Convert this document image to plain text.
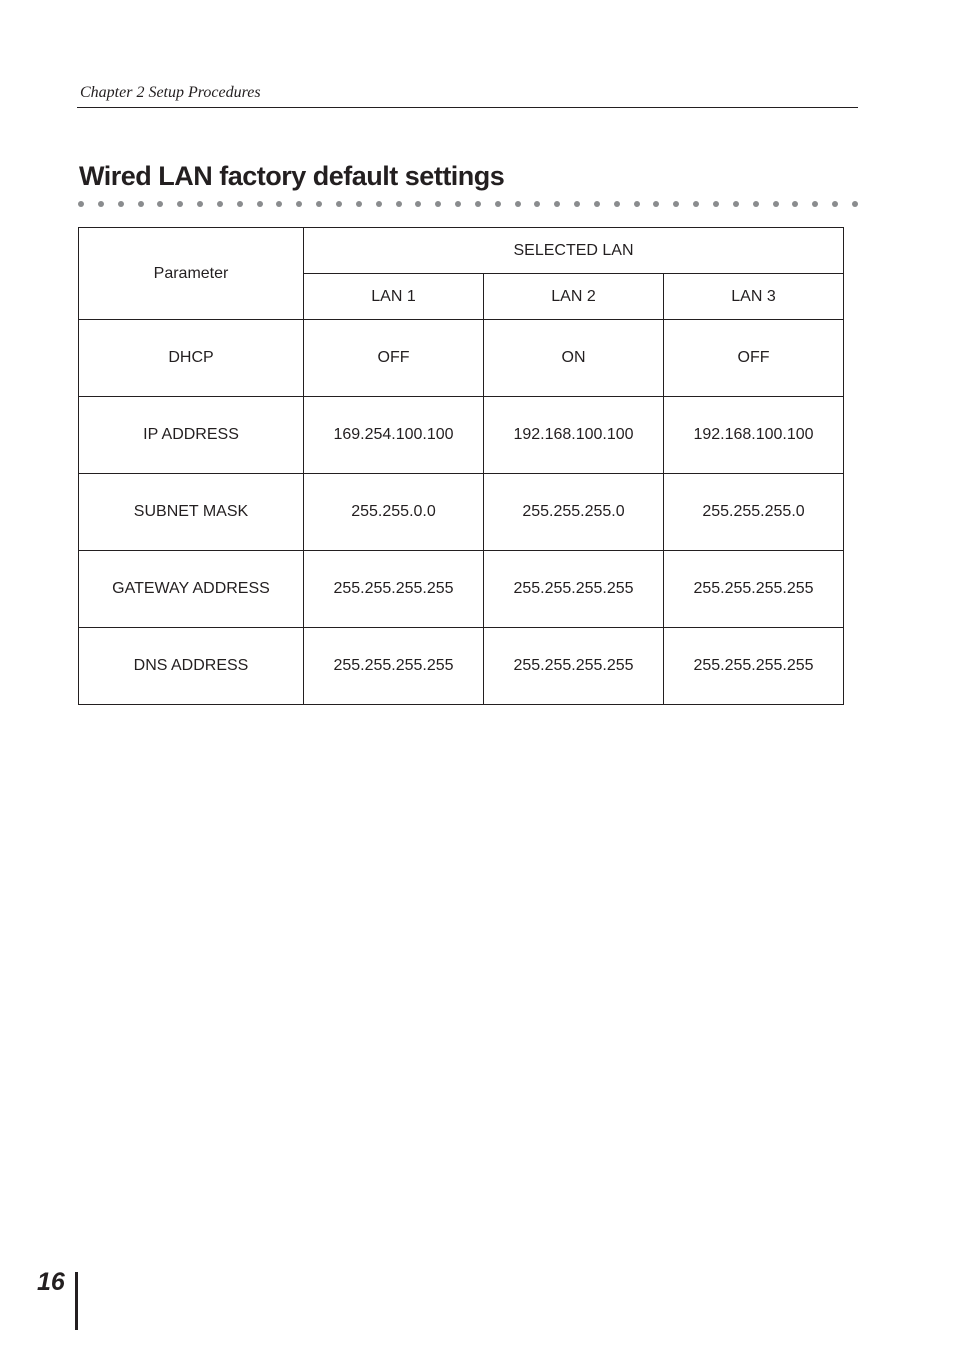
Chapter 2 Setup Procedures
Wired LAN factory default settings
Parameter	SELECTED LAN		
	LAN 1	LAN 2	LAN 3
DHCP	OFF	ON	OFF
IP ADDRESS	169.254.100.100	192.168.100.100	192.168.100.100
SUBNET MASK	255.255.0.0	255.255.255.0	255.255.255.0
GATEWAY ADDRESS	255.255.255.255	255.255.255.255	255.255.255.255
DNS ADDRESS	255.255.255.255	255.255.255.255	255.255.255.255
16
